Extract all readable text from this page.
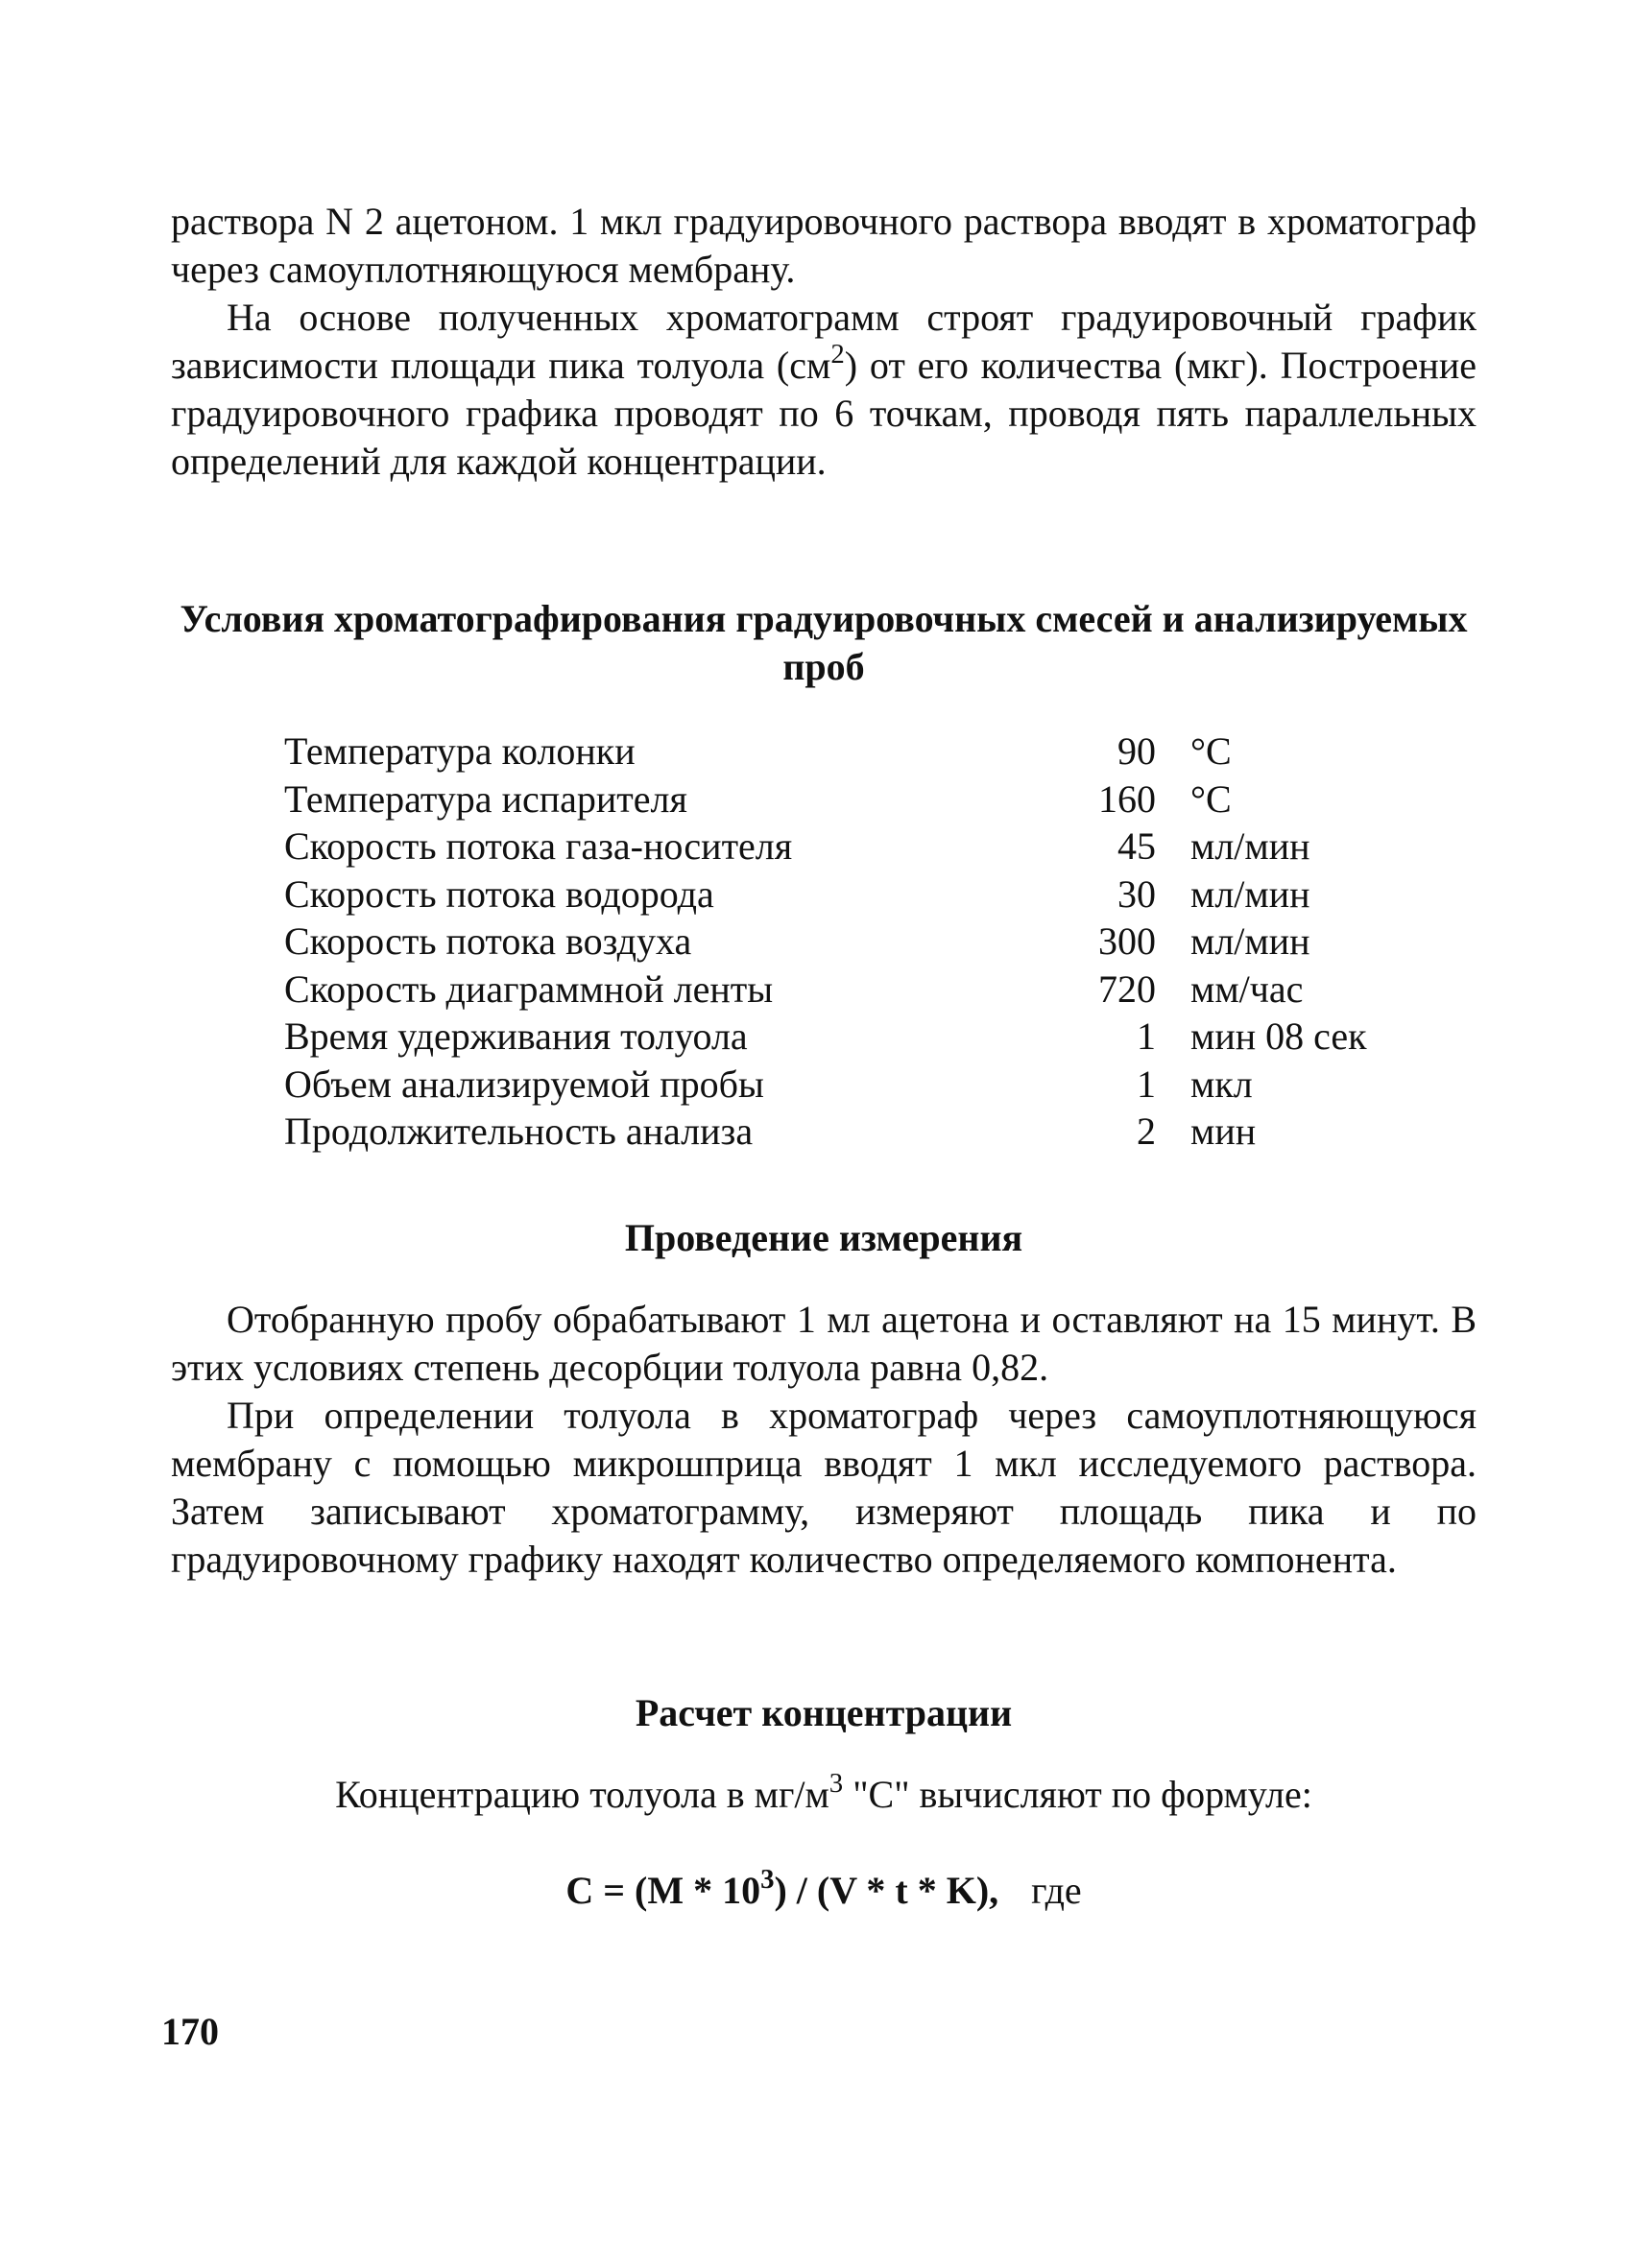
раствора N 2 ацетоном. 1 мкл градуировочного раствора вводят в хроматограф через самоуплотняющуюся мембрану.

На основе полученных хроматограмм строят градуировочный график зависимости площади пика толуола $(см^2)$ от его количества (мкг). Построение градуировочного графика проводят по 6 точкам, проводя пять параллельных определений для каждой концентрации.

Условия хроматографирования градуировочных смесей и анализируемых проб

Температура колонки	90 °C
Температура испарителя	160 °C
Скорость потока газа-носителя	45 мл/мин
Скорость потока водорода	30 мл/мин
Скорость потока воздуха	300 мл/мин
Скорость диаграммной ленты	720 мм/час
Время удерживания толуола	1 мин 08 сек
Объем анализируемой пробы	1 мкл
Продолжительность анализа	2 мин

Проведение измерения

Отобранную пробу обрабатывают 1 мл ацетона и оставляют на 15 минут. В этих условиях степень десорбции толуола равна 0,82.

При определении толуола в хроматограф через самоуплотняющуюся мембрану с помощью микрошприца вводят 1 мкл исследуемого раствора. Затем записывают хроматограмму, измеряют площадь пика и по градуировочному графику находят количество определяемого компонента.

Расчет концентрации

Концентрацию толуола в $мг/м^3$ "С" вычисляют по формуле:

$С = (М * 10^3) / (V * t * K)$, где

170
